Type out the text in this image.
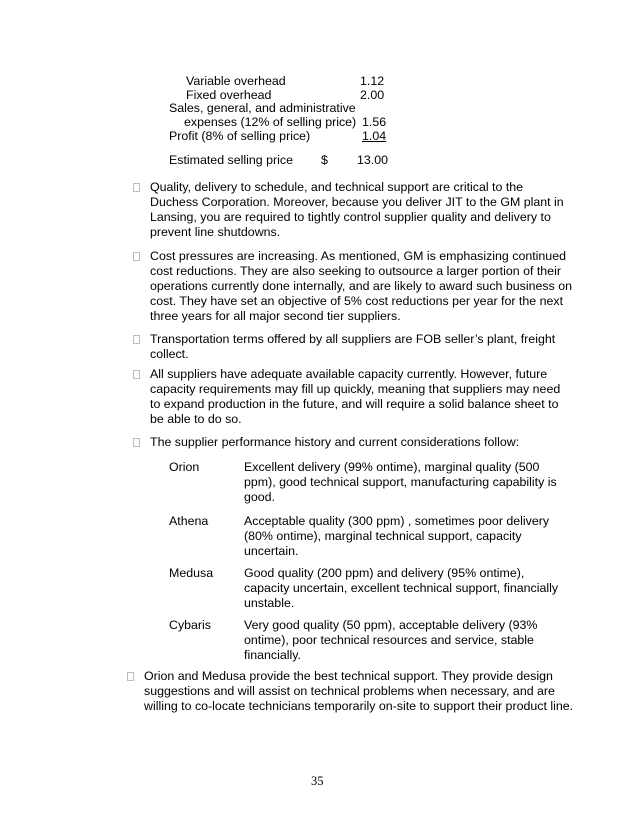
Variable overhead	1.12
Fixed overhead	2.00
Sales, general, and administrative
expenses (12% of selling price) 1.56
Profit (8% of selling price)	1.04
Estimated selling price $ 13.00

Quality, delivery to schedule, and technical support are critical to the

Duchess Corporation. Moreover, because you deliver JIT to the GM plant in

Lansing, you are required to tightly control supplier quality and delivery to

prevent line shutdowns.

Cost pressures are increasing. As mentioned, GM is emphasizing continued

cost reductions. They are also seeking to outsource a larger portion of their

operations currently done internally, and are likely to award such business on

cost. They have set an objective of 5% cost reductions per year for the next

three years for all major second tier suppliers.

Transportation terms offered by all suppliers are FOB seller’s plant, freight

collect.

All suppliers have adequate available capacity currently. However, future

capacity requirements may fill up quickly, meaning that suppliers may need

to expand production in the future, and will require a solid balance sheet to

be able to do so.

The supplier performance history and current considerations follow:

Orion	Excellent delivery (99% ontime), marginal quality (500

ppm), good technical support, manufacturing capability is

good.

Athena	Acceptable quality (300 ppm) , sometimes poor delivery

(80% ontime), marginal technical support, capacity

uncertain.

Medusa Good quality (200 ppm) and delivery (95% ontime),

capacity uncertain, excellent technical support, financially

unstable.

Cybaris	Very good quality (50 ppm), acceptable delivery (93%

ontime), poor technical resources and service, stable

financially.

Orion and Medusa provide the best technical support. They provide design

suggestions and will assist on technical problems when necessary, and are

willing to co-locate technicians temporarily on-site to support their product line.

35
